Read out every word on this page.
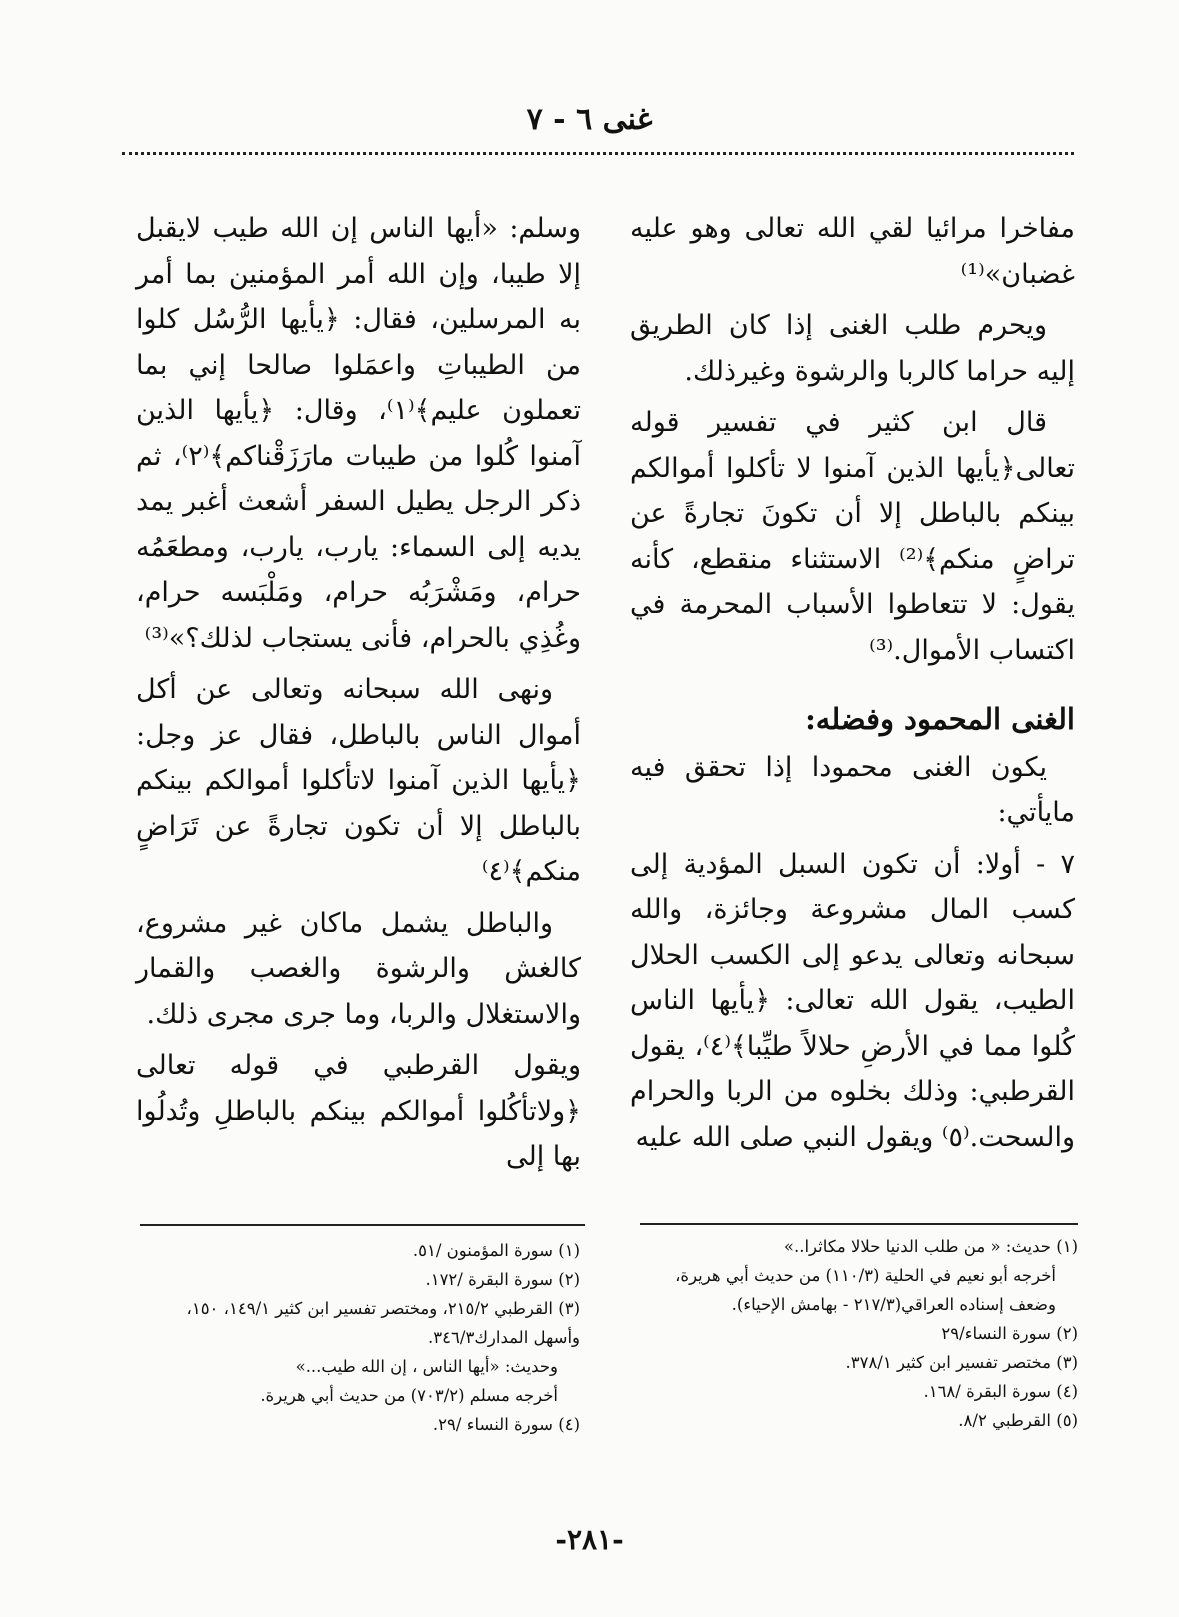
غنى ٦ - ٧

مفاخرا مرائيا لقي الله تعالى وهو عليه غضبان»⁽¹⁾

ويحرم طلب الغنى إذا كان الطريق إليه حراما كالربا والرشوة وغيرذلك.

قال ابن كثير في تفسير قوله تعالى﴿يأيها الذين آمنوا لا تأكلوا أموالكم بينكم بالباطل إلا أن تكونَ تجارةً عن تراضٍ منكم﴾⁽²⁾ الاستثناء منقطع، كأنه يقول: لا تتعاطوا الأسباب المحرمة في اكتساب الأموال.⁽³⁾

الغنى المحمود وفضله:

يكون الغنى محمودا إذا تحقق فيه مايأتي:

٧ - أولا: أن تكون السبل المؤدية إلى كسب المال مشروعة وجائزة، والله سبحانه وتعالى يدعو إلى الكسب الحلال الطيب، يقول الله تعالى: ﴿يأيها الناس كُلوا مما في الأرضِ حلالاً طيِّبا﴾⁽٤⁾، يقول القرطبي: وذلك بخلوه من الربا والحرام والسحت.⁽٥⁾ ويقول النبي صلى الله عليه

وسلم: «أيها الناس إن الله طيب لايقبل إلا طيبا، وإن الله أمر المؤمنين بما أمر به المرسلين، فقال: ﴿يأيها الرُّسُل كلوا من الطيباتِ واعمَلوا صالحا إني بما تعملون عليم﴾⁽١⁾، وقال: ﴿يأيها الذين آمنوا كُلوا من طيبات مارَزَقْناكم﴾⁽٢⁾، ثم ذكر الرجل يطيل السفر أشعث أغبر يمد يديه إلى السماء: يارب، يارب، ومطعَمُه حرام، ومَشْرَبُه حرام، ومَلْبَسه حرام، وغُذِي بالحرام، فأنى يستجاب لذلك؟»⁽³⁾

ونهى الله سبحانه وتعالى عن أكل أموال الناس بالباطل، فقال عز وجل: ﴿يأيها الذين آمنوا لاتأكلوا أموالكم بينكم بالباطل إلا أن تكون تجارةً عن تَرَاضٍ منكم﴾⁽٤⁾

والباطل يشمل ماكان غير مشروع، كالغش والرشوة والغصب والقمار والاستغلال والربا، وما جرى مجرى ذلك.

ويقول القرطبي في قوله تعالى ﴿ولاتأكُلوا أموالكم بينكم بالباطلِ وتُدلُوا بها إلى

(١) حديث: « من طلب الدنيا حلالا مكاثرا..»

أخرجه أبو نعيم في الحلية (١١٠/٣) من حديث أبي هريرة، وضعف إسناده العراقي(٢١٧/٣ - بهامش الإحياء).

(٢) سورة النساء/٢٩

(٣) مختصر تفسير ابن كثير ٣٧٨/١.

(٤) سورة البقرة /١٦٨.

(٥) القرطبي ٨/٢.

(١) سورة المؤمنون /٥١.

(٢) سورة البقرة /١٧٢.

(٣) القرطبي ٢١٥/٢، ومختصر تفسير ابن كثير ١٤٩/١، ١٥٠، وأسهل المدارك٣٤٦/٣.

وحديث: «أيها الناس ، إن الله طيب...»

أخرجه مسلم (٧٠٣/٢) من حديث أبي هريرة.

(٤) سورة النساء /٢٩.

-٢٨١-
